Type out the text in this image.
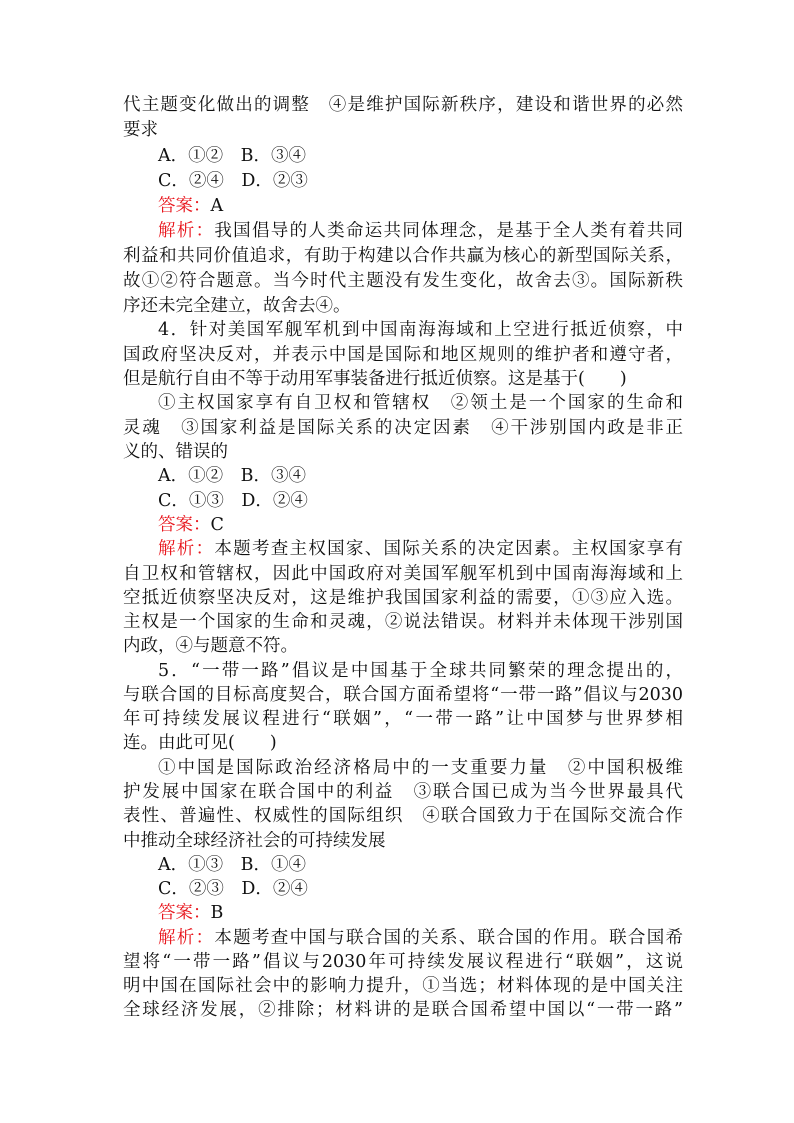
代主题变化做出的调整　④是维护国际新秩序，建设和谐世界的必然
要求
A．①②　B．③④
C．②④　D．②③
答案：A
解析：我国倡导的人类命运共同体理念，是基于全人类有着共同
利益和共同价值追求，有助于构建以合作共赢为核心的新型国际关系，
故①②符合题意。当今时代主题没有发生变化，故舍去③。国际新秩
序还未完全建立，故舍去④。
4．针对美国军舰军机到中国南海海域和上空进行抵近侦察，中
国政府坚决反对，并表示中国是国际和地区规则的维护者和遵守者，
但是航行自由不等于动用军事装备进行抵近侦察。这是基于(　　)
①主权国家享有自卫权和管辖权　②领土是一个国家的生命和
灵魂　③国家利益是国际关系的决定因素　④干涉别国内政是非正
义的、错误的
A．①②　B．③④
C．①③　D．②④
答案：C
解析：本题考查主权国家、国际关系的决定因素。主权国家享有
自卫权和管辖权，因此中国政府对美国军舰军机到中国南海海域和上
空抵近侦察坚决反对，这是维护我国国家利益的需要，①③应入选。
主权是一个国家的生命和灵魂，②说法错误。材料并未体现干涉别国
内政，④与题意不符。
5．“一带一路”倡议是中国基于全球共同繁荣的理念提出的，
与联合国的目标高度契合，联合国方面希望将“一带一路”倡议与2030
年可持续发展议程进行“联姻”，“一带一路”让中国梦与世界梦相
连。由此可见(　　)
①中国是国际政治经济格局中的一支重要力量　②中国积极维
护发展中国家在联合国中的利益　③联合国已成为当今世界最具代
表性、普遍性、权威性的国际组织　④联合国致力于在国际交流合作
中推动全球经济社会的可持续发展
A．①③　B．①④
C．②③　D．②④
答案：B
解析：本题考查中国与联合国的关系、联合国的作用。联合国希
望将“一带一路”倡议与2030年可持续发展议程进行“联姻”，这说
明中国在国际社会中的影响力提升，①当选；材料体现的是中国关注
全球经济发展，②排除；材料讲的是联合国希望中国以“一带一路”
